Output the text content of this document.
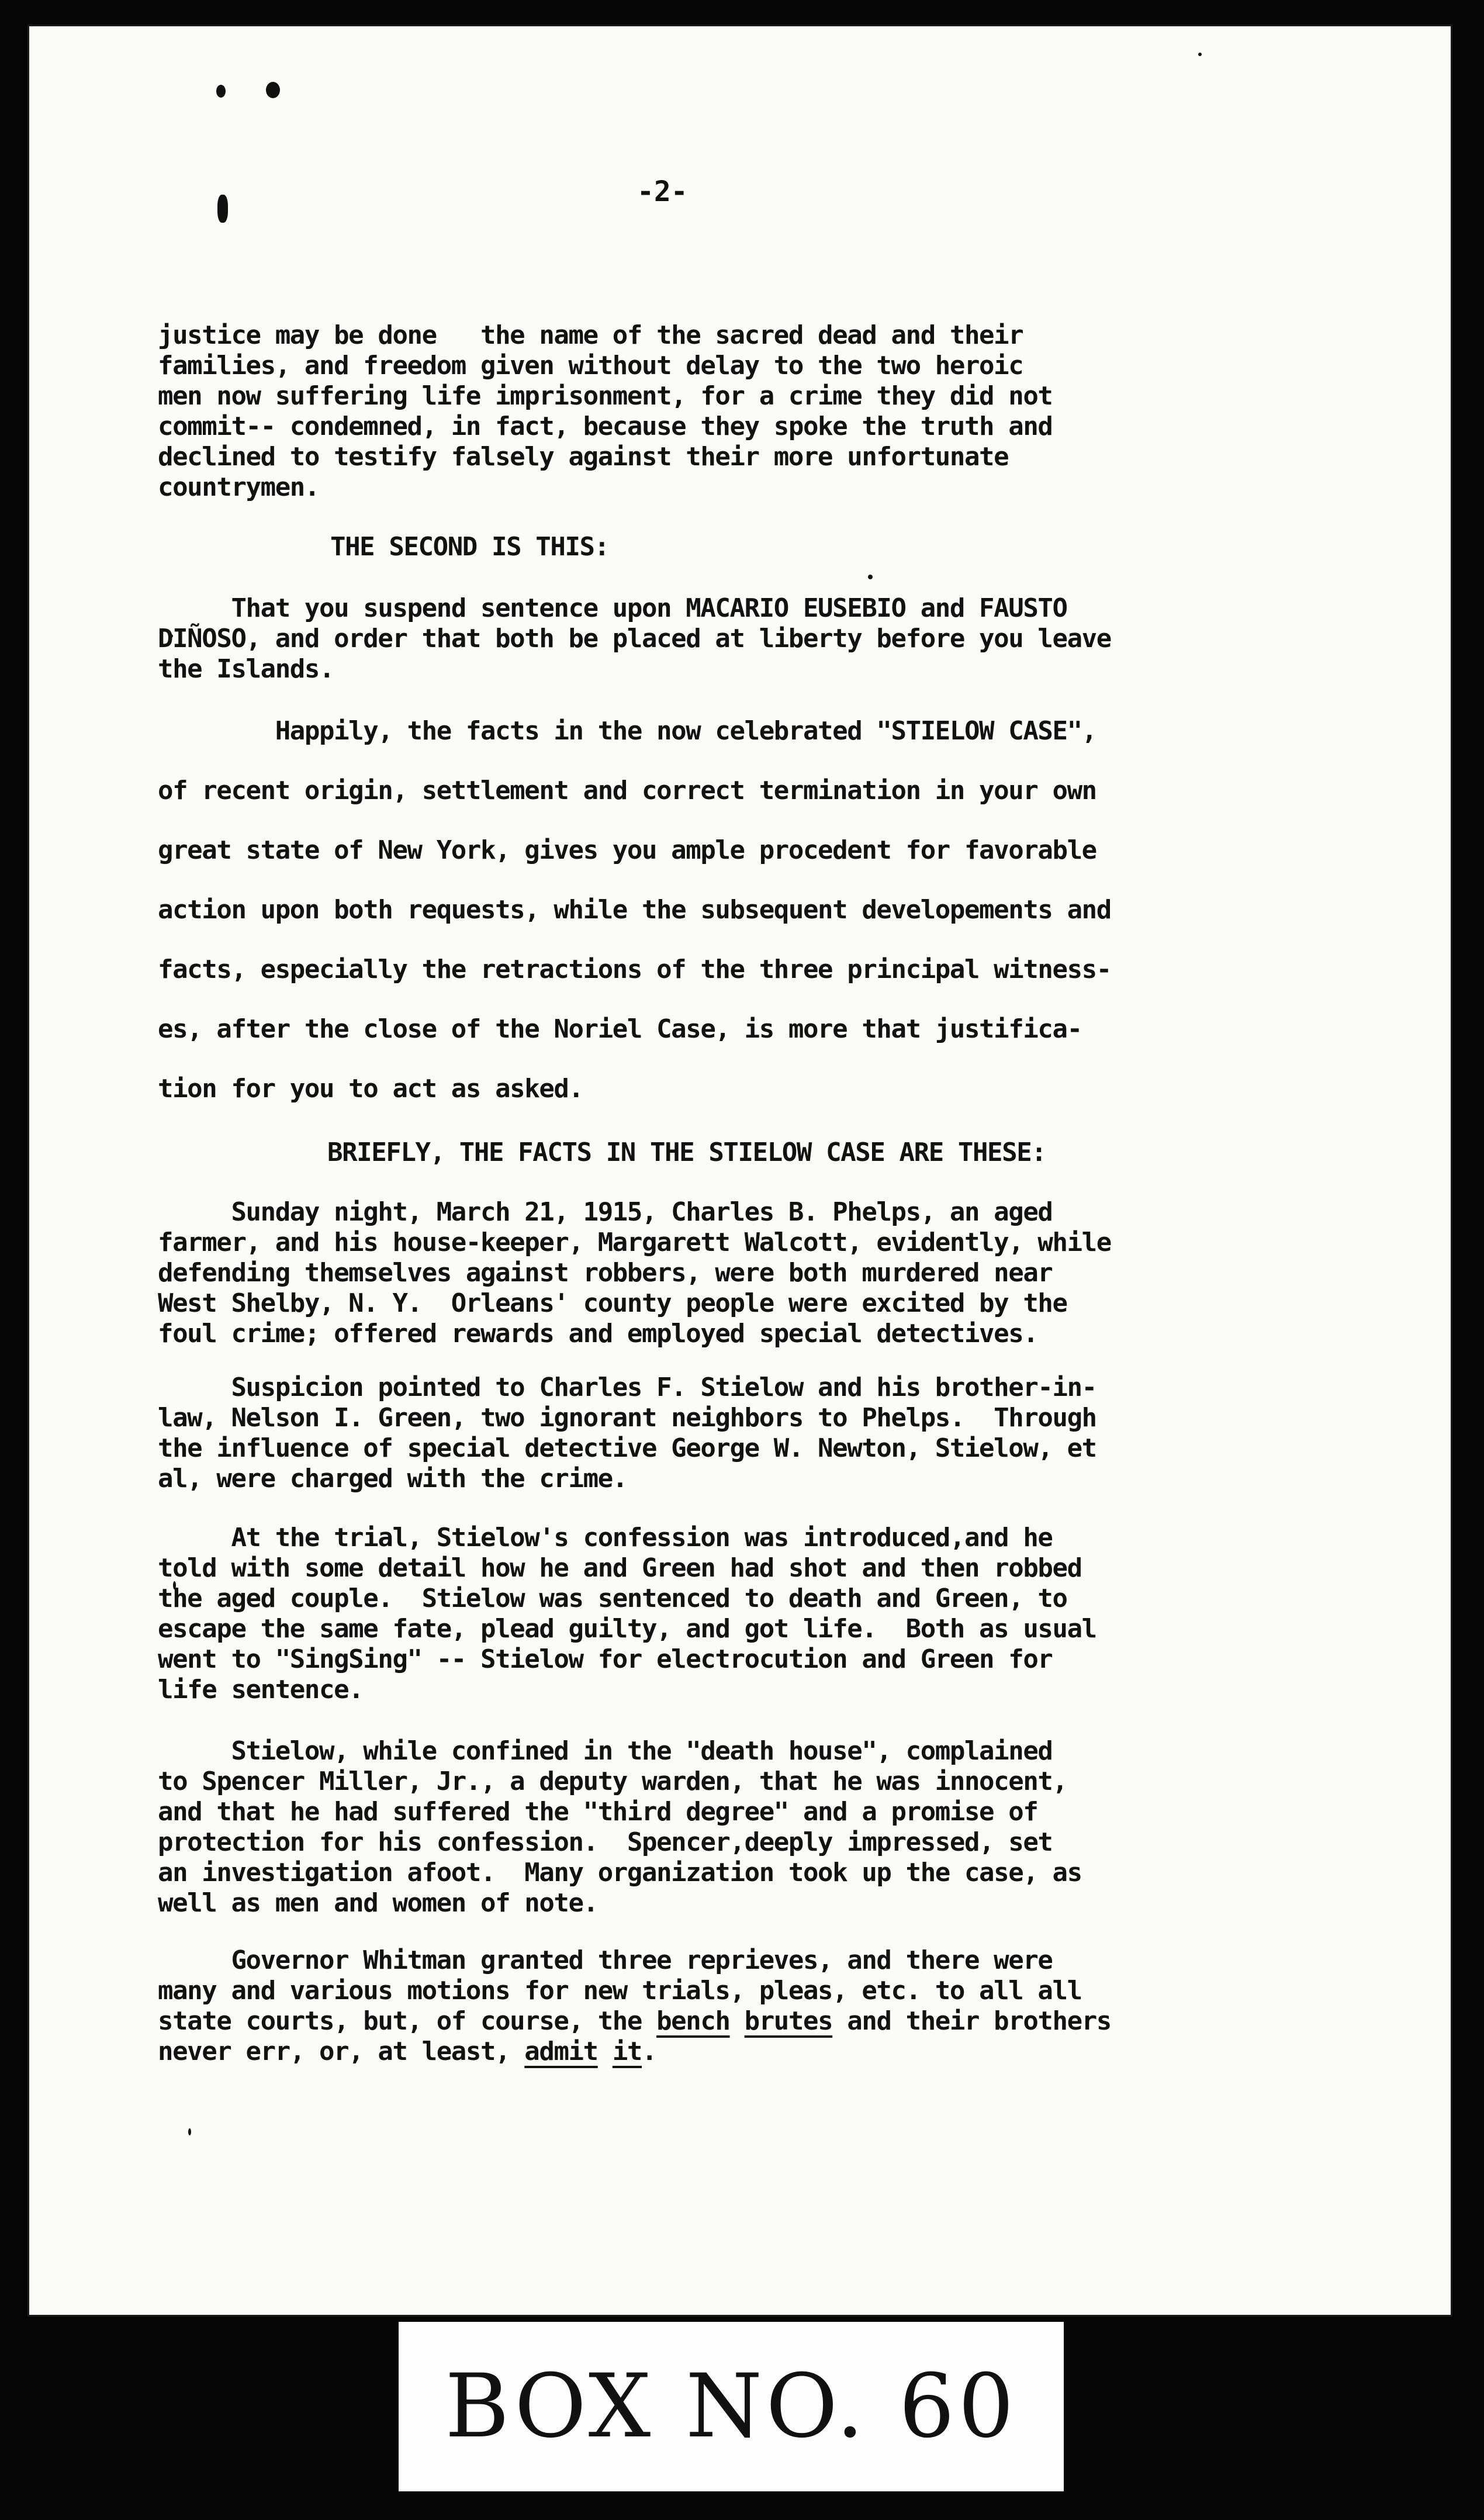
-2-
justice may be done   the name of the sacred dead and their
families, and freedom given without delay to the two heroic
men now suffering life imprisonment, for a crime they did not
commit-- condemned, in fact, because they spoke the truth and
declined to testify falsely against their more unfortunate
countrymen.
THE SECOND IS THIS:
That you suspend sentence upon MACARIO EUSEBIO and FAUSTO
DIÑOSO, and order that both be placed at liberty before you leave
the Islands.
Happily, the facts in the now celebrated "STIELOW CASE",
of recent origin, settlement and correct termination in your own
great state of New York, gives you ample procedent for favorable
action upon both requests, while the subsequent developements and
facts, especially the retractions of the three principal witness-
es, after the close of the Noriel Case, is more that justifica-
tion for you to act as asked.
BRIEFLY, THE FACTS IN THE STIELOW CASE ARE THESE:
Sunday night, March 21, 1915, Charles B. Phelps, an aged
farmer, and his house-keeper, Margarett Walcott, evidently, while
defending themselves against robbers, were both murdered near
West Shelby, N. Y.  Orleans' county people were excited by the
foul crime; offered rewards and employed special detectives.
Suspicion pointed to Charles F. Stielow and his brother-in-
law, Nelson I. Green, two ignorant neighbors to Phelps.  Through
the influence of special detective George W. Newton, Stielow, et
al, were charged with the crime.
At the trial, Stielow's confession was introduced,and he
told with some detail how he and Green had shot and then robbed
the aged couple.  Stielow was sentenced to death and Green, to
escape the same fate, plead guilty, and got life.  Both as usual
went to "SingSing" -- Stielow for electrocution and Green for
life sentence.
Stielow, while confined in the "death house", complained
to Spencer Miller, Jr., a deputy warden, that he was innocent,
and that he had suffered the "third degree" and a promise of
protection for his confession.  Spencer,deeply impressed, set
an investigation afoot.  Many organization took up the case, as
well as men and women of note.
Governor Whitman granted three reprieves, and there were
many and various motions for new trials, pleas, etc. to all all
state courts, but, of course, the bench brutes and their brothers
never err, or, at least, admit it.
BOX NO. 60
